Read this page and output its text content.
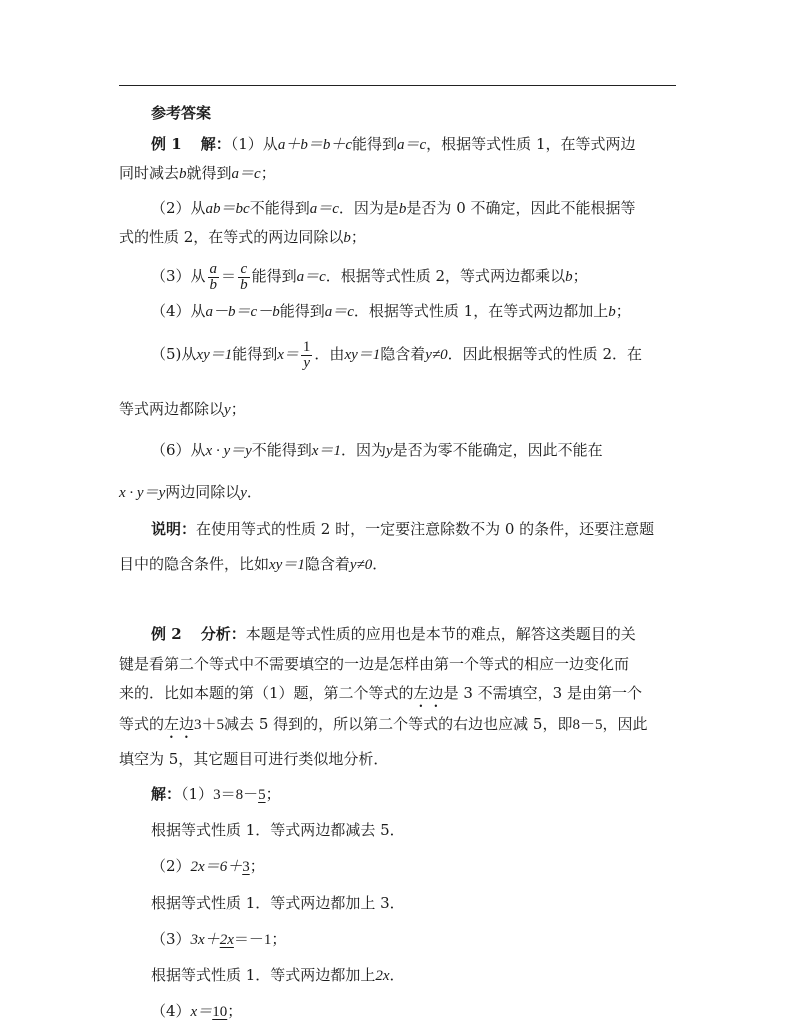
参考答案
例 1 解：（1）从a＋b＝b＋c能得到a＝c，根据等式性质 1，在等式两边
同时减去b就得到a＝c；
（2）从ab＝bc不能得到a＝c．因为是b是否为 0 不确定，因此不能根据等
式的性质 2，在等式的两边同除以b；
（3）从 $\frac{a}{b} = \frac{c}{b}$ 能得到a＝c．根据等式性质 2，等式两边都乘以b；
（4）从a－b＝c－b能得到a＝c．根据等式性质 1，在等式两边都加上b；
（5)从xy＝1能得到$x= \frac{1}{y}$ ．由xy＝1隐含着y≠0．因此根据等式的性质 2．在
等式两边都除以y；
（6）从x · y＝y不能得到x＝1．因为y是否为零不能确定，因此不能在
x · y＝y两边同除以y．
说明：在使用等式的性质 2 时，一定要注意除数不为 0 的条件，还要注意题
目中的隐含条件，比如xy＝1隐含着y≠0．
例 2 分析：本题是等式性质的应用也是本节的难点，解答这类题目的关
键是看第二个等式中不需要填空的一边是怎样由第一个等式的相应一边变化而
来的．比如本题的第（1）题，第二个等式的左边是 3 不需填空，3 是由第一个
等式的左边3＋5减去 5 得到的，所以第二个等式的右边也应减 5，即8－5，因此
填空为 5，其它题目可进行类似地分析．
解：（1）3＝8－5；
根据等式性质 1．等式两边都减去 5．
（2）2x＝6＋3；
根据等式性质 1．等式两边都加上 3．
（3）3x＋2x＝－1；
根据等式性质 1．等式两边都加上2x．
（4）x＝10；
